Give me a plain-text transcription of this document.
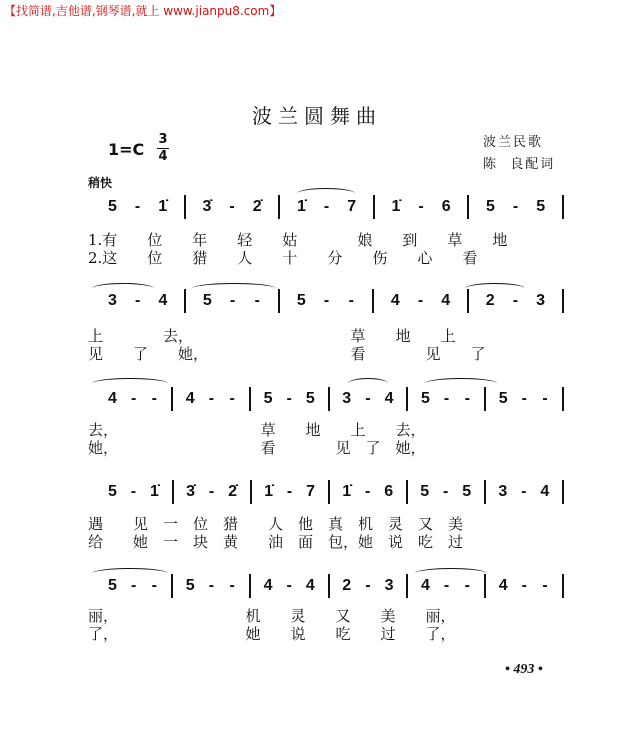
【找简谱,吉他谱,钢琴谱,就上 www.jianpu8.com】
波兰圆舞曲
1=C
3
4
波兰民歌
陈  良配词
稍快
5 - 1̇ 3̇ - 2̇ 1̇ - 7 1̇ - 6 5 - 5
1.有　　位　　年　　轻　　姑　　　　娘　　到　　草　　地
2.这　　位　　猎　　人　　十　　分　　伤　　心　　看
3 - 4 5 - - 5 - - 4 - 4 2 - 3
上　　　　去，　　　　　　　　　　　草　　地　　上
见　　了　　她，　　　　　　　　　　看　　　　见　　了
4 - - 4 - - 5 - 5 3 - 4 5 - - 5 - -
去，　　　　　　　　　　草　　地　　上　　去，
她，　　　　　　　　　　看　　　　见　了　她，
5 - 1̇ 3̇ - 2̇ 1̇ - 7 1̇ - 6 5 - 5 3 - 4
遇　　见　一　位　猎　　人　他　真　机　灵　又　美
给　　她　一　块　黄　　油　面　包，她　说　吃　过
5 - - 5 - - 4 - 4 2 - 3 4 - - 4 - -
丽，　　　　　　　　　机　　灵　　又　　美　　丽，
了，　　　　　　　　　她　　说　　吃　　过　　了，
• 493 •
